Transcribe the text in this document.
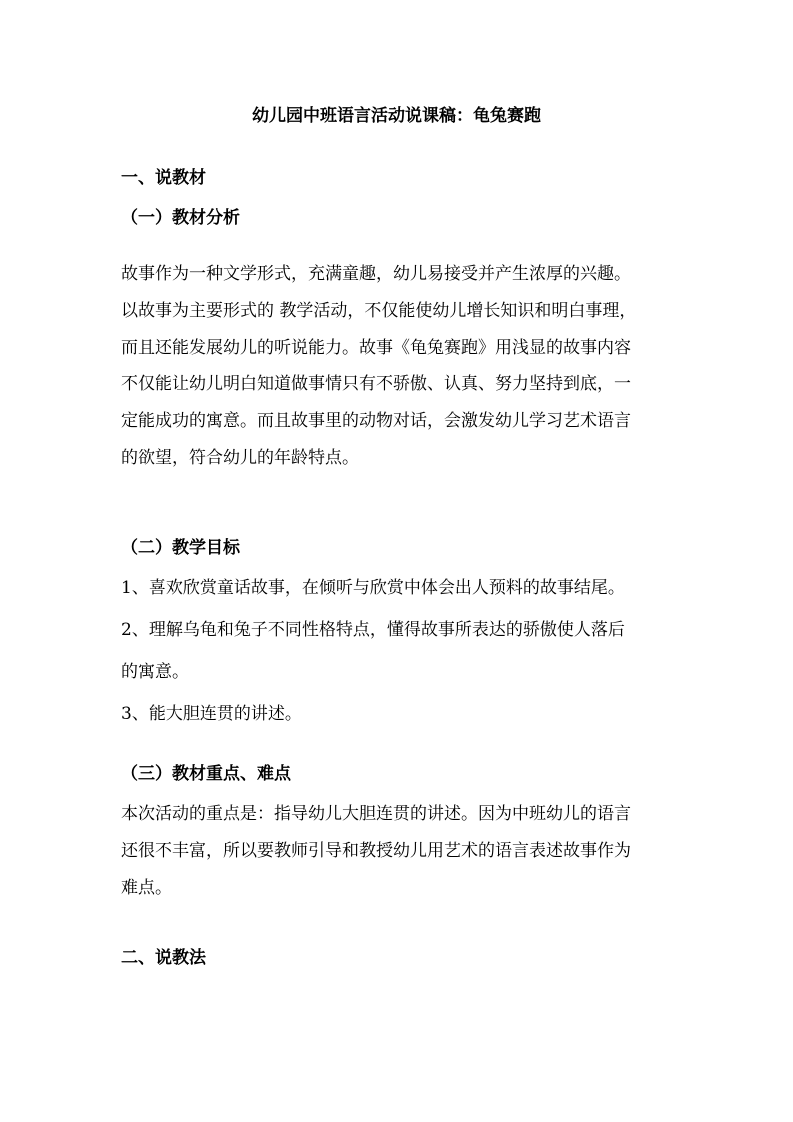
幼儿园中班语言活动说课稿：龟兔赛跑
一、说教材
（一）教材分析
故事作为一种文学形式，充满童趣，幼儿易接受并产生浓厚的兴趣。
以故事为主要形式的 教学活动，不仅能使幼儿增长知识和明白事理，
而且还能发展幼儿的听说能力。故事《龟兔赛跑》用浅显的故事内容
不仅能让幼儿明白知道做事情只有不骄傲、认真、努力坚持到底，一
定能成功的寓意。而且故事里的动物对话，会激发幼儿学习艺术语言
的欲望，符合幼儿的年龄特点。
（二）教学目标
1、喜欢欣赏童话故事，在倾听与欣赏中体会出人预料的故事结尾。
2、理解乌龟和兔子不同性格特点，懂得故事所表达的骄傲使人落后
的寓意。
3、能大胆连贯的讲述。
（三）教材重点、难点
本次活动的重点是：指导幼儿大胆连贯的讲述。因为中班幼儿的语言
还很不丰富，所以要教师引导和教授幼儿用艺术的语言表述故事作为
难点。
二、说教法
